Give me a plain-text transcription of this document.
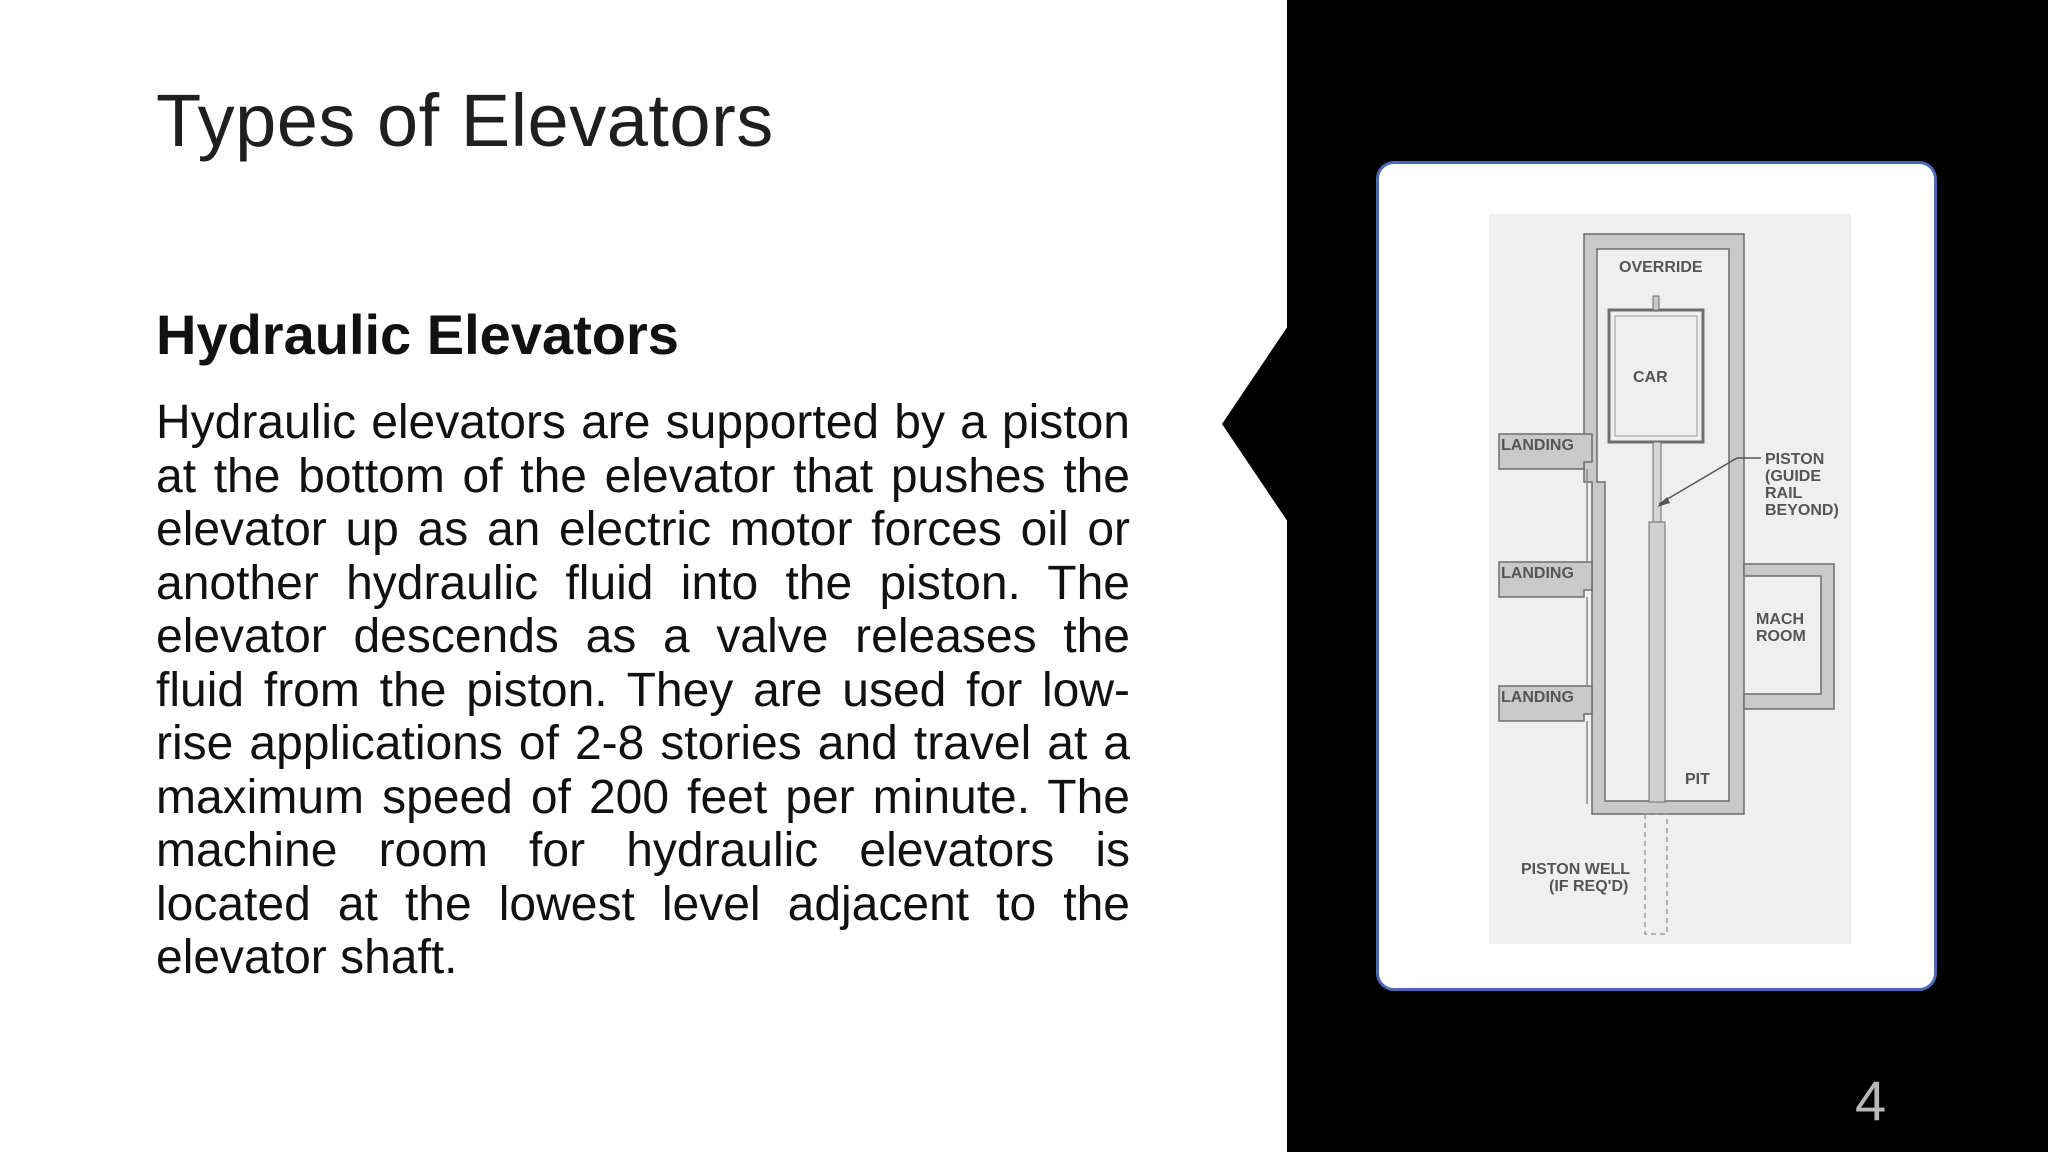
Types of Elevators
Hydraulic Elevators
Hydraulic elevators are supported by a piston at the bottom of the elevator that pushes the elevator up as an electric motor forces oil or another hydraulic fluid into the piston. The elevator descends as a valve releases the fluid from the piston. They are used for low-rise applications of 2-8 stories and travel at a maximum speed of 200 feet per minute. The machine room for hydraulic elevators is located at the lowest level adjacent to the elevator shaft.
OVERRIDE
CAR
LANDING
LANDING
LANDING
PISTON
(GUIDE
RAIL
BEYOND)
MACH
ROOM
PIT
PISTON WELL
(IF REQ'D)
4
